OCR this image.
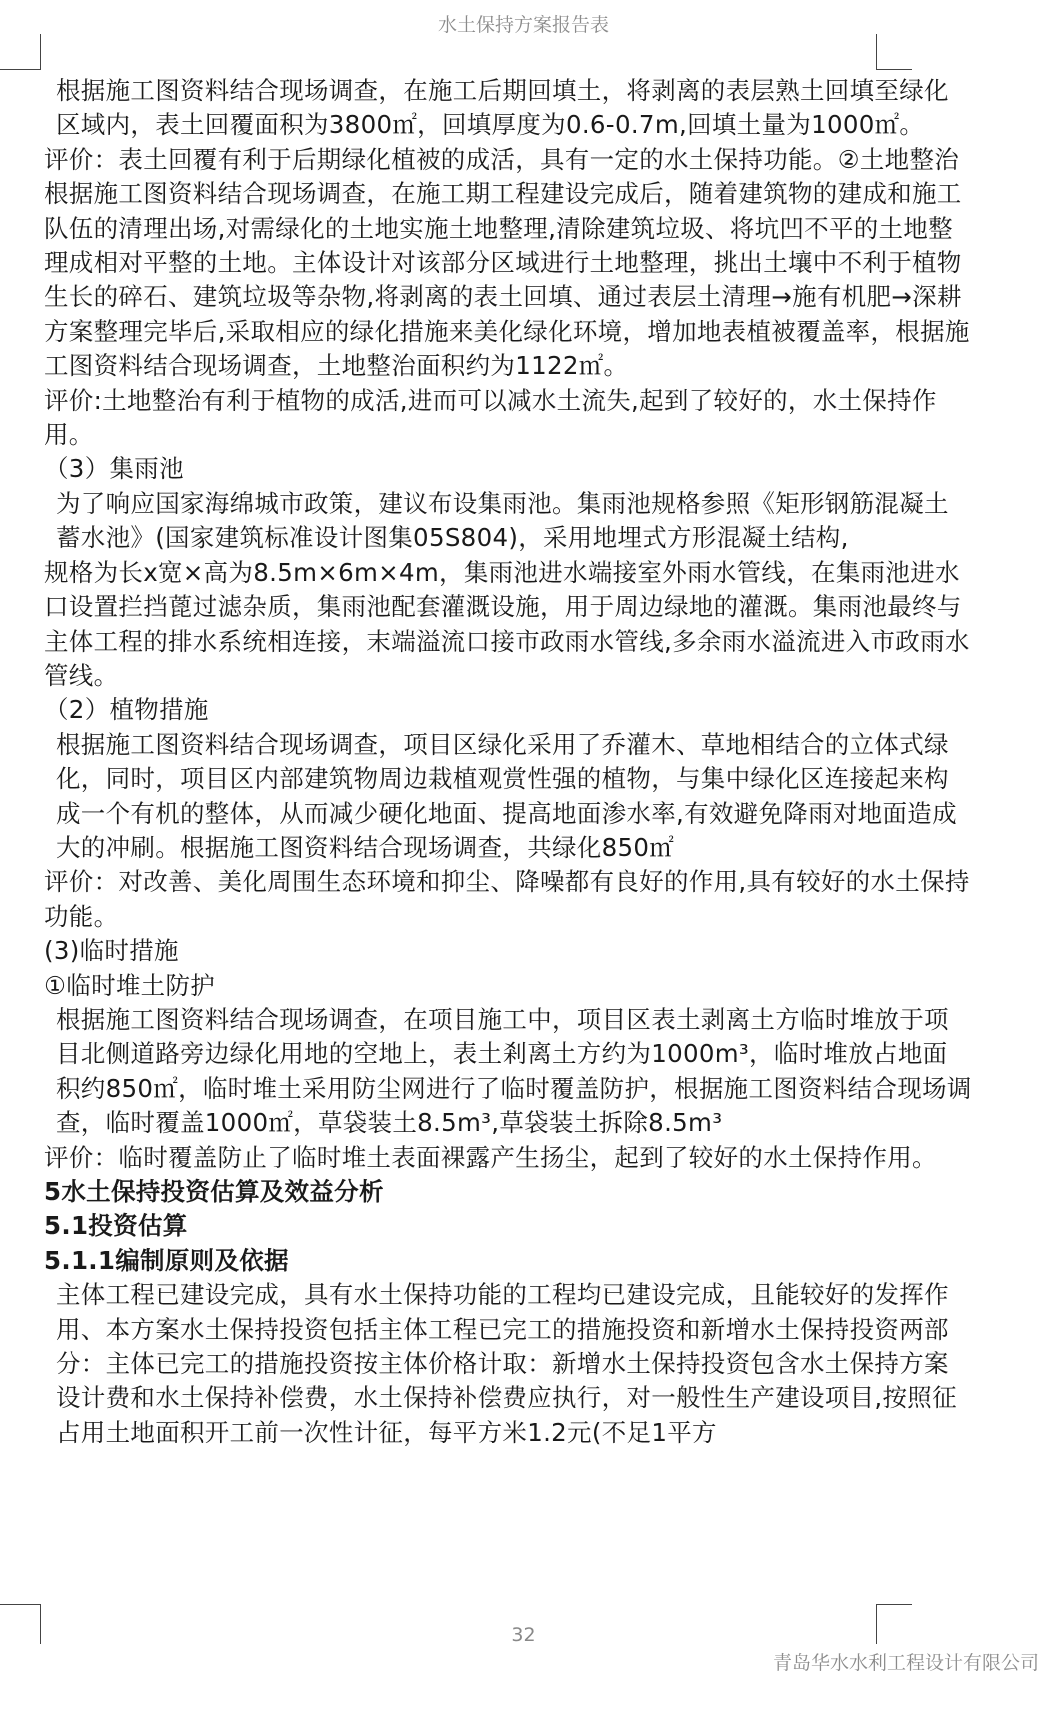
水土保持方案报告表

根据施工图资料结合现场调查，在施工后期回填土，将剥离的表层熟土回填至绿化区域内，表土回覆面积为3800㎡，回填厚度为0.6-0.7m,回填土量为1000㎡。

评价：表土回覆有利于后期绿化植被的成活，具有一定的水土保持功能。②土地整治根据施工图资料结合现场调查，在施工期工程建设完成后，随着建筑物的建成和施工队伍的清理出场,对需绿化的土地实施土地整理,清除建筑垃圾、将坑凹不平的土地整理成相对平整的土地。主体设计对该部分区域进行土地整理，挑出土壤中不利于植物生长的碎石、建筑垃圾等杂物,将剥离的表土回填、通过表层土清理→施有机肥→深耕方案整理完毕后,采取相应的绿化措施来美化绿化环境，增加地表植被覆盖率，根据施工图资料结合现场调查，土地整治面积约为1122㎡。

评价:土地整治有利于植物的成活,进而可以减水土流失,起到了较好的，水土保持作用。

（3）集雨池

为了响应国家海绵城市政策，建议布设集雨池。集雨池规格参照《矩形钢筋混凝土蓄水池》(国家建筑标准设计图集05S804)，采用地埋式方形混凝土结构,

规格为长x宽×高为8.5m×6m×4m，集雨池进水端接室外雨水管线，在集雨池进水口设置拦挡蓖过滤杂质，集雨池配套灌溉设施，用于周边绿地的灌溉。集雨池最终与主体工程的排水系统相连接，末端溢流口接市政雨水管线,多余雨水溢流进入市政雨水管线。

（2）植物措施

根据施工图资料结合现场调查，项目区绿化采用了乔灌木、草地相结合的立体式绿化，同时，项目区内部建筑物周边栽植观赏性强的植物，与集中绿化区连接起来构成一个有机的整体，从而减少硬化地面、提高地面渗水率,有效避免降雨对地面造成大的冲刷。根据施工图资料结合现场调查，共绿化850㎡

评价：对改善、美化周围生态环境和抑尘、降噪都有良好的作用,具有较好的水土保持功能。

(3)临时措施

①临时堆土防护

根据施工图资料结合现场调查，在项目施工中，项目区表土剥离土方临时堆放于项目北侧道路旁边绿化用地的空地上，表土剎离土方约为1000m³，临时堆放占地面积约850㎡，临时堆土采用防尘网进行了临时覆盖防护，根据施工图资料结合现场调查，临时覆盖1000㎡，草袋装土8.5m³,草袋装土拆除8.5m³

评价：临时覆盖防止了临时堆土表面裸露产生扬尘，起到了较好的水土保持作用。

5水土保持投资估算及效益分析

5.1投资估算

5.1.1编制原则及依据

主体工程已建设完成，具有水土保持功能的工程均已建设完成，且能较好的发挥作用、本方案水土保持投资包括主体工程已完工的措施投资和新增水土保持投资两部分：主体已完工的措施投资按主体价格计取：新增水土保持投资包含水土保持方案设计费和水土保持补偿费，水土保持补偿费应执行，对一般性生产建设项目,按照征占用土地面积开工前一次性计征，每平方米1.2元(不足1平方

32
青岛华水水利工程设计有限公司
